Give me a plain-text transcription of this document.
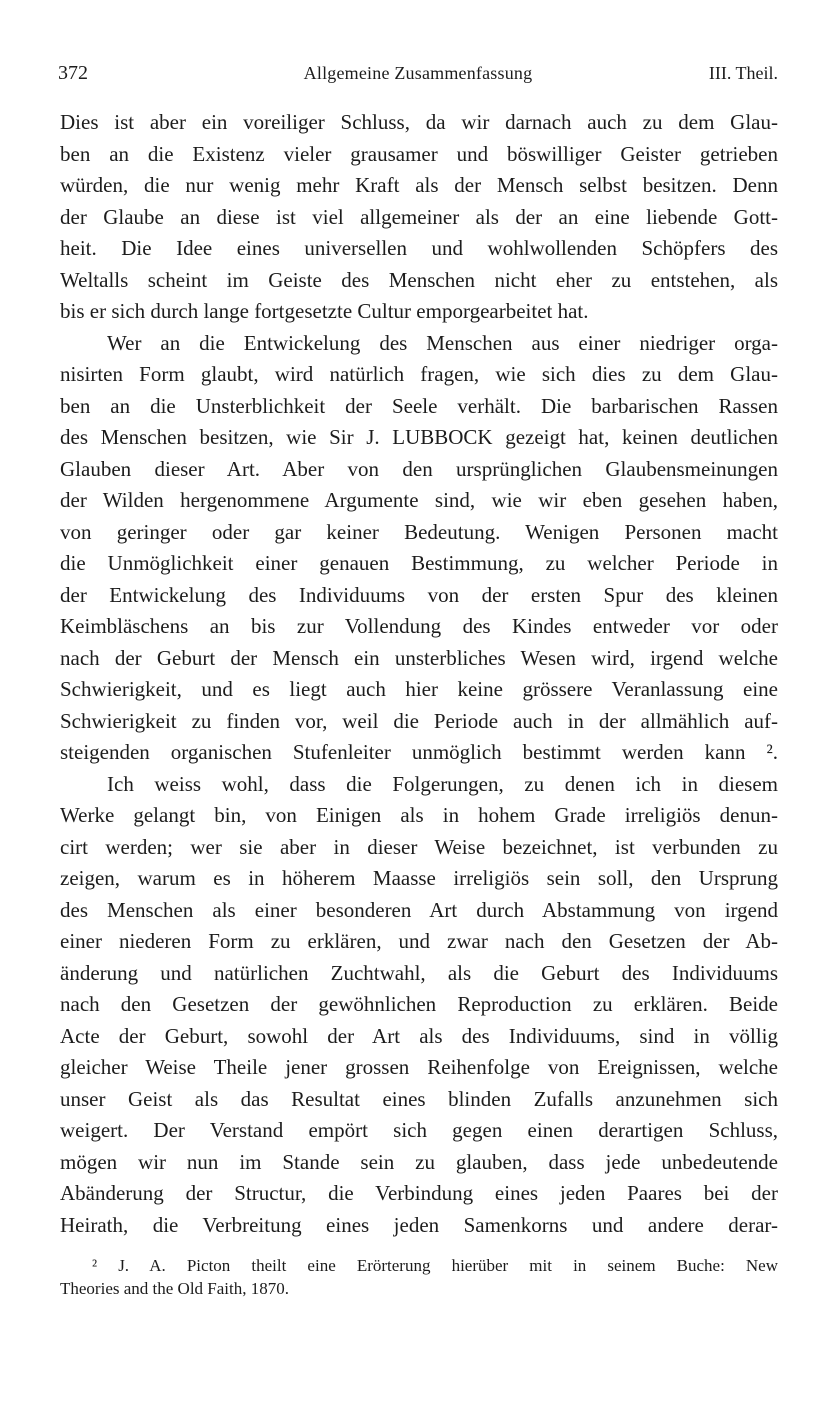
372	Allgemeine Zusammenfassung	III. Theil.
Dies ist aber ein voreiliger Schluss, da wir darnach auch zu dem Glau-
ben an die Existenz vieler grausamer und böswilliger Geister getrieben
würden, die nur wenig mehr Kraft als der Mensch selbst besitzen. Denn
der Glaube an diese ist viel allgemeiner als der an eine liebende Gott-
heit. Die Idee eines universellen und wohlwollenden Schöpfers des
Weltalls scheint im Geiste des Menschen nicht eher zu entstehen, als
bis er sich durch lange fortgesetzte Cultur emporgearbeitet hat.
Wer an die Entwickelung des Menschen aus einer niedriger orga-
nisirten Form glaubt, wird natürlich fragen, wie sich dies zu dem Glau-
ben an die Unsterblichkeit der Seele verhält. Die barbarischen Rassen
des Menschen besitzen, wie Sir J. LUBBOCK gezeigt hat, keinen deutlichen
Glauben dieser Art. Aber von den ursprünglichen Glaubensmeinungen
der Wilden hergenommene Argumente sind, wie wir eben gesehen haben,
von geringer oder gar keiner Bedeutung. Wenigen Personen macht
die Unmöglichkeit einer genauen Bestimmung, zu welcher Periode in
der Entwickelung des Individuums von der ersten Spur des kleinen
Keimbläschens an bis zur Vollendung des Kindes entweder vor oder
nach der Geburt der Mensch ein unsterbliches Wesen wird, irgend welche
Schwierigkeit, und es liegt auch hier keine grössere Veranlassung eine
Schwierigkeit zu finden vor, weil die Periode auch in der allmählich auf-
steigenden organischen Stufenleiter unmöglich bestimmt werden kann ².
Ich weiss wohl, dass die Folgerungen, zu denen ich in diesem
Werke gelangt bin, von Einigen als in hohem Grade irreligiös denun-
cirt werden; wer sie aber in dieser Weise bezeichnet, ist verbunden zu
zeigen, warum es in höherem Maasse irreligiös sein soll, den Ursprung
des Menschen als einer besonderen Art durch Abstammung von irgend
einer niederen Form zu erklären, und zwar nach den Gesetzen der Ab-
änderung und natürlichen Zuchtwahl, als die Geburt des Individuums
nach den Gesetzen der gewöhnlichen Reproduction zu erklären. Beide
Acte der Geburt, sowohl der Art als des Individuums, sind in völlig
gleicher Weise Theile jener grossen Reihenfolge von Ereignissen, welche
unser Geist als das Resultat eines blinden Zufalls anzunehmen sich
weigert. Der Verstand empört sich gegen einen derartigen Schluss,
mögen wir nun im Stande sein zu glauben, dass jede unbedeutende
Abänderung der Structur, die Verbindung eines jeden Paares bei der
Heirath, die Verbreitung eines jeden Samenkorns und andere derar-
² J. A. Picton theilt eine Erörterung hierüber mit in seinem Buche: New
Theories and the Old Faith, 1870.
